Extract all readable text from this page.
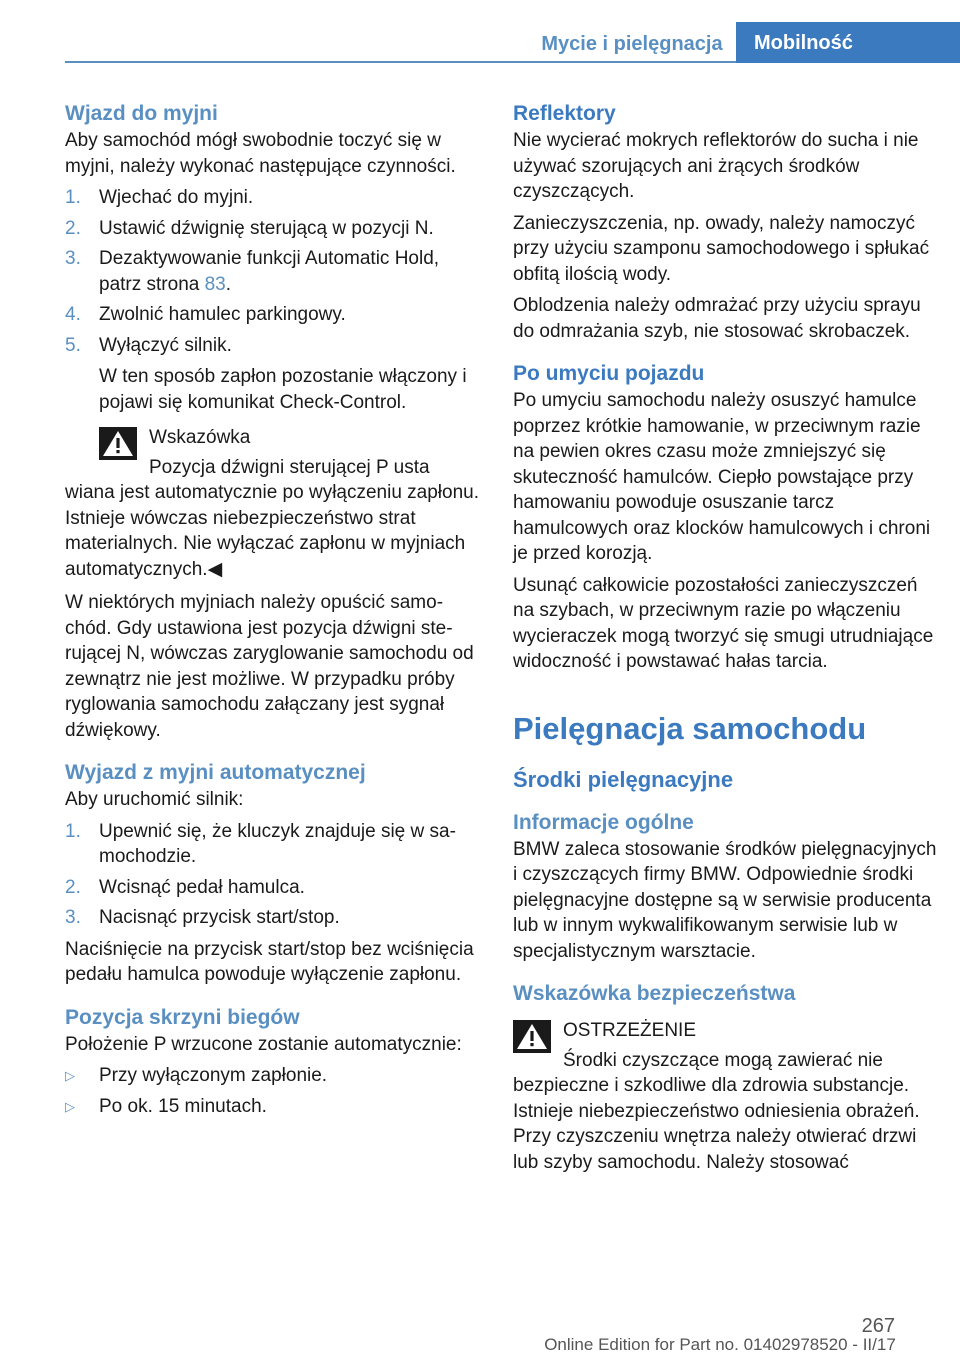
Mycie i pielęgnacja	Mobilność
Wjazd do myjni

Aby samochód mógł swobodnie toczyć się w myjni, należy wykonać następujące czynności.

1. Wjechać do myjni.
2. Ustawić dźwignię sterującą w pozycji N.
3. Dezaktywowanie funkcji Automatic Hold, patrz strona 83.
4. Zwolnić hamulec parkingowy.
5. Wyłączyć silnik.
W ten sposób zapłon pozostanie włączony i pojawi się komunikat Check-Control.

Wskazówka

Pozycja dźwigni sterującej P usta

wiana jest automatycznie po wyłączeniu zapłonu. Istnieje wówczas niebezpieczeństwo strat materialnych. Nie wyłączać zapłonu w myjniach automatycznych.◀

W niektórych myjniach należy opuścić samochód. Gdy ustawiona jest pozycja dźwigni sterującej N, wówczas zaryglowanie samochodu od zewnątrz nie jest możliwe. W przypadku próby ryglowania samochodu załączany jest sygnał dźwiękowy.

Wyjazd z myjni automatycznej

Aby uruchomić silnik:

1. Upewnić się, że kluczyk znajduje się w samochodzie.
2. Wcisnąć pedał hamulca.
3. Nacisnąć przycisk start/stop.

Naciśnięcie na przycisk start/stop bez wciśnięcia pedału hamulca powoduje wyłączenie zapłonu.

Pozycja skrzyni biegów

Położenie P wrzucone zostanie automatycznie:

▷ Przy wyłączonym zapłonie.
▷ Po ok. 15 minutach.
Reflektory

Nie wycierać mokrych reflektorów do sucha i nie używać szorujących ani żrących środków czyszczących.

Zanieczyszczenia, np. owady, należy namoczyć przy użyciu szamponu samochodowego i spłukać obfitą ilością wody.

Oblodzenia należy odmrażać przy użyciu sprayu do odmrażania szyb, nie stosować skrobaczek.

Po umyciu pojazdu

Po umyciu samochodu należy osuszyć hamulce poprzez krótkie hamowanie, w przeciwnym razie na pewien okres czasu może zmniejszyć się skuteczność hamulców. Ciepło powstające przy hamowaniu powoduje osuszanie tarcz hamulcowych oraz klocków hamulcowych i chroni je przed korozją.

Usunąć całkowicie pozostałości zanieczyszczeń na szybach, w przeciwnym razie po włączeniu wycieraczek mogą tworzyć się smugi utrudniające widoczność i powstawać hałas tarcia.

Pielęgnacja samochodu
Środki pielęgnacyjne
Informacje ogólne

BMW zaleca stosowanie środków pielęgnacyjnych i czyszczących firmy BMW. Odpowiednie środki pielęgnacyjne dostępne są w serwisie producenta lub w innym wykwalifikowanym serwisie lub w specjalistycznym warsztacie.

Wskazówka bezpieczeństwa

OSTRZEŻENIE

Środki czyszczące mogą zawierać nie

bezpieczne i szkodliwe dla zdrowia substancje. Istnieje niebezpieczeństwo odniesienia obrażeń. Przy czyszczeniu wnętrza należy otwierać drzwi lub szyby samochodu. Należy stosować

267
Online Edition for Part no. 01402978520 - II/17
